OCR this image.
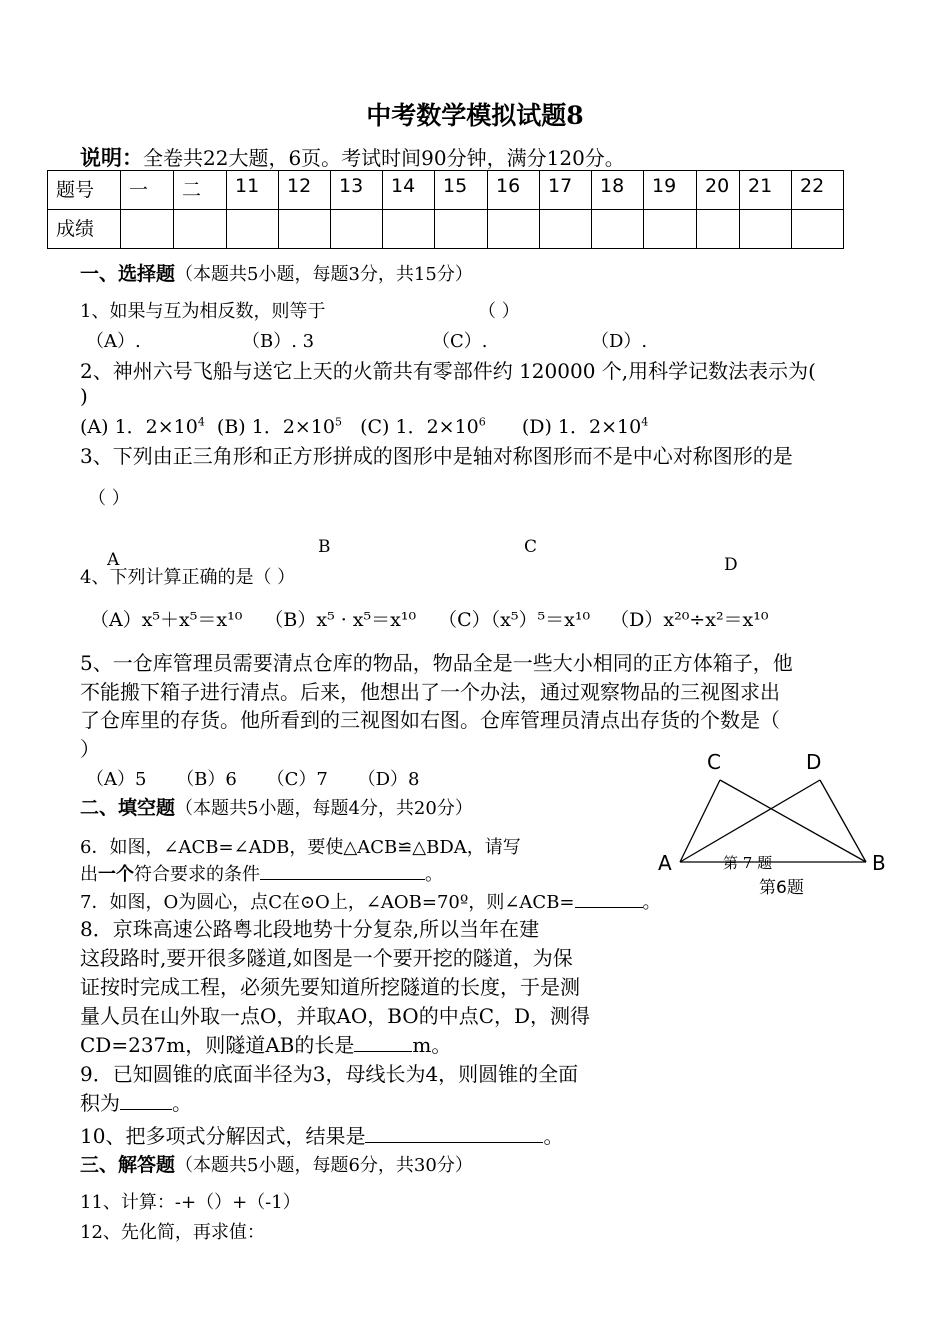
中考数学模拟试题8
说明：全卷共22大题，6页。考试时间90分钟，满分120分。
题号	一	二	11	12	13	14	15	16	17	18	19	20	21	22
成绩														
一、选择题（本题共5小题，每题3分，共15分）
1、如果与互为相反数，则等于	（ ）
（A）.	（B）. 3	（C）.	（D）.
2、神州六号飞船与送它上天的火箭共有零部件约 120000 个,用科学记数法表示为(
)
(A) 1．$2\times 10^4$ (B) 1．$2\times 10^5$ (C) 1．$2\times 10^6$ (D) 1．$2\times 10^4$
3、下列由正三角形和正方形拼成的图形中是轴对称图形而不是中心对称图形的是
（ ）
A
B	C
D
4、下列计算正确的是（ ）
（A）x⁵＋x⁵＝x¹⁰ （B）x⁵ · x⁵＝x¹⁰ （C）（x⁵）⁵＝x¹⁰ （D）x²⁰÷x²＝x¹⁰
5、一仓库管理员需要清点仓库的物品，物品全是一些大小相同的正方体箱子，他
不能搬下箱子进行清点。后来，他想出了一个办法，通过观察物品的三视图求出
了仓库里的存货。他所看到的三视图如右图。仓库管理员清点出存货的个数是（
）
（A）5 （B）6 （C）7 （D）8
二、填空题（本题共5小题，每题4分，共20分）
6．如图，∠ACB=∠ADB，要使△ACB≌△BDA，请写
出一个符合要求的条件	。
7．如图，O为圆心，点C在⊙O上，∠AOB=70º，则∠ACB=	。
8．京珠高速公路粤北段地势十分复杂,所以当年在建
这段路时,要开很多隧道,如图是一个要开挖的隧道，为保
证按时完成工程，必须先要知道所挖隧道的长度，于是测
量人员在山外取一点O，并取AO，BO的中点C，D，测得
CD=237m，则隧道AB的长是	m。
9．已知圆锥的底面半径为3，母线长为4，则圆锥的全面
积为	。
10、把多项式分解因式，结果是	。
三、解答题（本题共5小题，每题6分，共30分）
11、计算：-+（）+（-1）
12、先化简，再求值：
C	D
A	B
第 7 题
第6题
